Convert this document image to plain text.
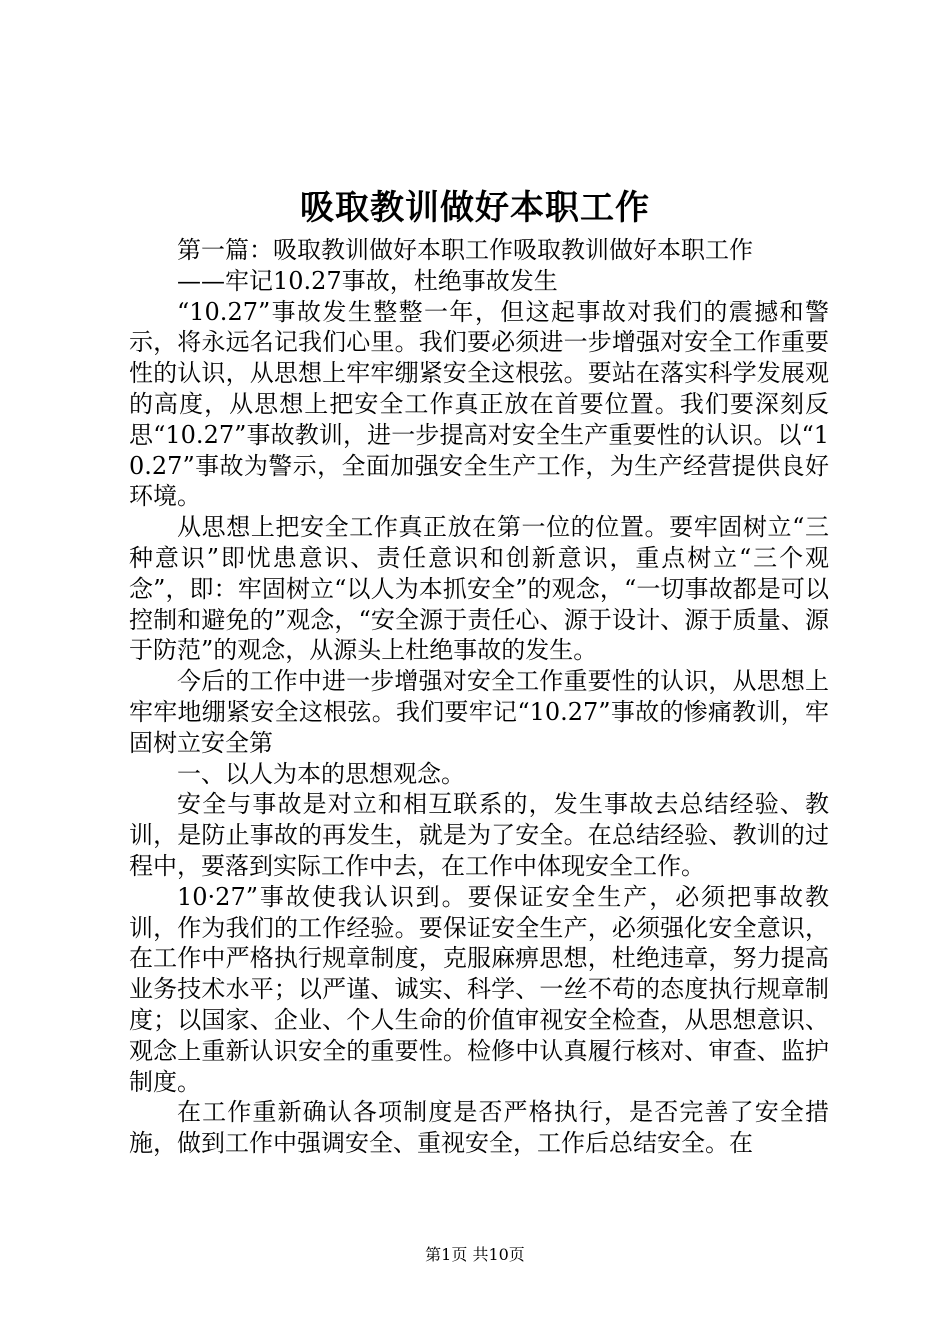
吸取教训做好本职工作

第一篇：吸取教训做好本职工作吸取教训做好本职工作

——牢记10.27事故，杜绝事故发生

“10.27”事故发生整整一年，但这起事故对我们的震撼和警示，将永远名记我们心里。我们要必须进一步增强对安全工作重要性的认识，从思想上牢牢绷紧安全这根弦。要站在落实科学发展观的高度，从思想上把安全工作真正放在首要位置。我们要深刻反思“10.27”事故教训，进一步提高对安全生产重要性的认识。以“10.27”事故为警示，全面加强安全生产工作，为生产经营提供良好环境。

从思想上把安全工作真正放在第一位的位置。要牢固树立“三种意识”即忧患意识、责任意识和创新意识，重点树立“三个观念”，即：牢固树立“以人为本抓安全”的观念，“一切事故都是可以控制和避免的”观念，“安全源于责任心、源于设计、源于质量、源于防范”的观念，从源头上杜绝事故的发生。

今后的工作中进一步增强对安全工作重要性的认识，从思想上牢牢地绷紧安全这根弦。我们要牢记“10.27”事故的惨痛教训，牢固树立安全第

一、以人为本的思想观念。

安全与事故是对立和相互联系的，发生事故去总结经验、教训，是防止事故的再发生，就是为了安全。在总结经验、教训的过程中，要落到实际工作中去，在工作中体现安全工作。

10·27”事故使我认识到。要保证安全生产，必须把事故教训，作为我们的工作经验。要保证安全生产，必须强化安全意识，在工作中严格执行规章制度，克服麻痹思想，杜绝违章，努力提高业务技术水平；以严谨、诚实、科学、一丝不苟的态度执行规章制度；以国家、企业、个人生命的价值审视安全检查，从思想意识、观念上重新认识安全的重要性。检修中认真履行核对、审查、监护制度。

在工作重新确认各项制度是否严格执行，是否完善了安全措施，做到工作中强调安全、重视安全，工作后总结安全。在

第1页 共10页
